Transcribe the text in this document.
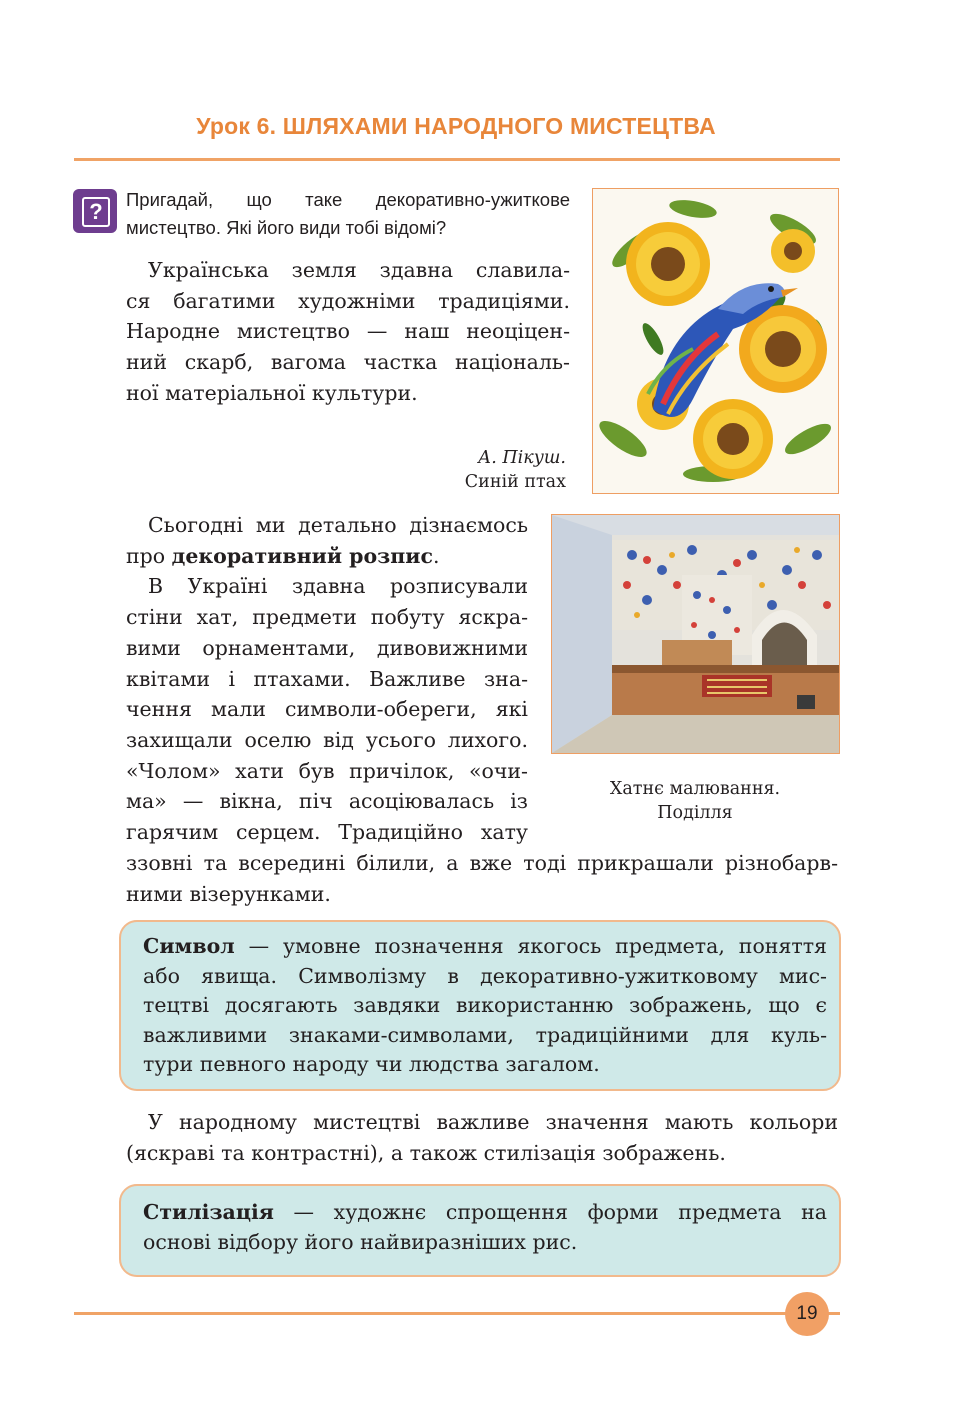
Урок 6. ШЛЯХАМИ НАРОДНОГО МИСТЕЦТВА
?	Пригадай, що таке декоративно-ужиткове
мистецтво. Які його види тобі відомі?
Українська земля здавна славила-
ся багатими художніми традиціями.
Народне мистецтво — наш неоціцен-
ний скарб, вагома частка національ-
ної матеріальної культури.
А. Пікуш.
Синій птах
Сьогодні ми детально дізнаємось
про декоративний розпис.
В Україні здавна розписували
стіни хат, предмети побуту яскра-
вими орнаментами, дивовижними
квітами і птахами. Важливе зна-
чення мали символи-обереги, які
захищали оселю від усього лихого.
«Чолом» хати був причілок, «очи-
ма» — вікна, піч асоціювалась із
гарячим серцем. Традиційно хату
Хатнє малювання.
Поділля
ззовні та всередині білили, а вже тоді прикрашали різнобарв-
ними візерунками.
Символ — умовне позначення якогось предмета, поняття
або явища. Символізму в декоративно-ужитковому мис-
тецтві досягають завдяки використанню зображень, що є
важливими знаками-символами, традиційними для куль-
тури певного народу чи людства загалом.
У народному мистецтві важливе значення мають кольори
(яскраві та контрастні), а також стилізація зображень.
Стилізація — художнє спрощення форми предмета на
основі відбору його найвиразніших рис.
19
